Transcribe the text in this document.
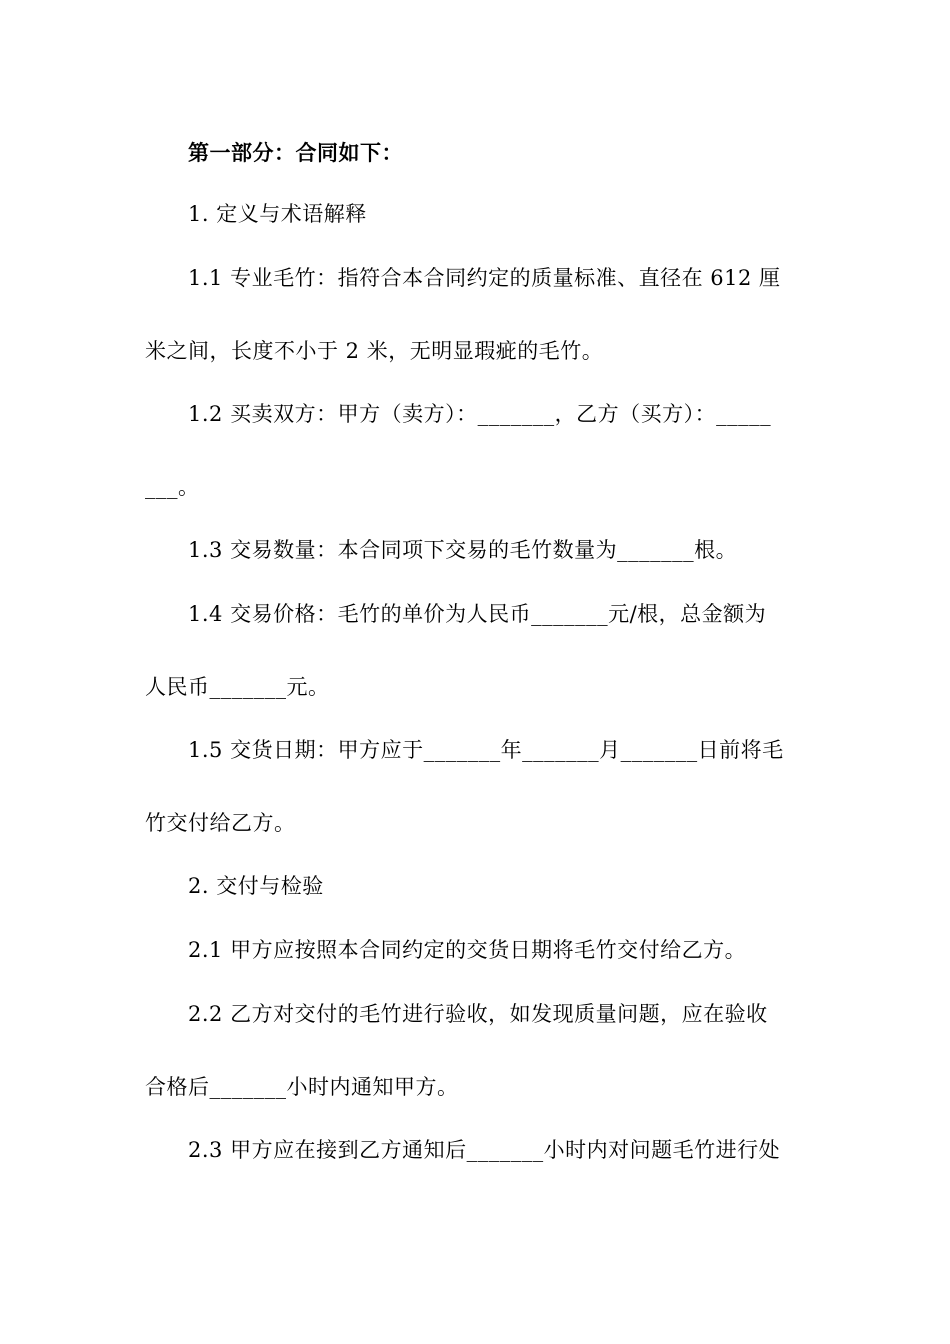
第一部分：合同如下：
1. 定义与术语解释
1.1 专业毛竹：指符合本合同约定的质量标准、直径在 612 厘
米之间，长度不小于 2 米，无明显瑕疵的毛竹。
1.2 买卖双方：甲方（卖方）：_______，乙方（买方）：_____
___。
1.3 交易数量：本合同项下交易的毛竹数量为_______根。
1.4 交易价格：毛竹的单价为人民币_______元/根，总金额为
人民币_______元。
1.5 交货日期：甲方应于_______年_______月_______日前将毛
竹交付给乙方。
2. 交付与检验
2.1 甲方应按照本合同约定的交货日期将毛竹交付给乙方。
2.2 乙方对交付的毛竹进行验收，如发现质量问题，应在验收
合格后_______小时内通知甲方。
2.3 甲方应在接到乙方通知后_______小时内对问题毛竹进行处
